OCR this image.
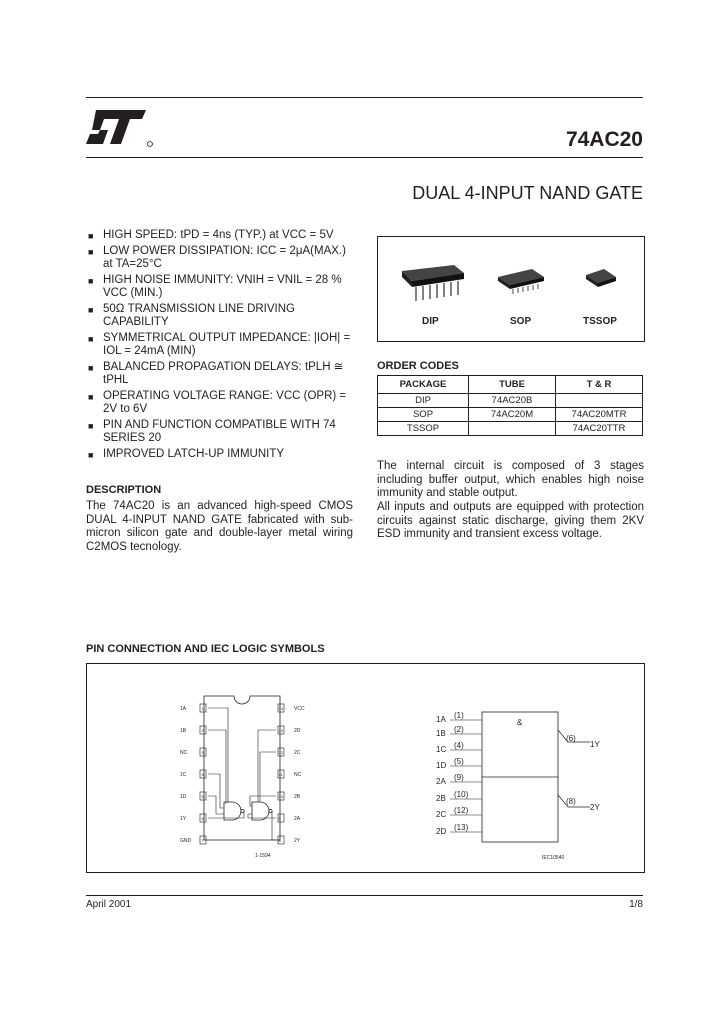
74AC20
DUAL 4-INPUT NAND GATE
■ HIGH SPEED: tPD = 4ns (TYP.) at VCC = 5V
■ LOW POWER DISSIPATION: ICC = 2μA(MAX.) at TA=25°C
■ HIGH NOISE IMMUNITY: VNIH = VNIL = 28 % VCC (MIN.)
■ 50Ω TRANSMISSION LINE DRIVING CAPABILITY
■ SYMMETRICAL OUTPUT IMPEDANCE: |IOH| = IOL = 24mA (MIN)
■ BALANCED PROPAGATION DELAYS: tPLH ≅ tPHL
■ OPERATING VOLTAGE RANGE: VCC (OPR) = 2V to 6V
■ PIN AND FUNCTION COMPATIBLE WITH 74 SERIES 20
■ IMPROVED LATCH-UP IMMUNITY
DESCRIPTION
The 74AC20 is an advanced high-speed CMOS DUAL 4-INPUT NAND GATE fabricated with sub-micron silicon gate and double-layer metal wiring C2MOS tecnology.
DIP	SOP	TSSOP
ORDER CODES
PACKAGE	TUBE	T & R
DIP	74AC20B	
SOP	74AC20M	74AC20MTR
TSSOP		74AC20TTR
The internal circuit is composed of 3 stages including buffer output, which enables high noise immunity and stable output.
All inputs and outputs are equipped with protection circuits against static discharge, giving them 2KV ESD immunity and transient excess voltage.
PIN CONNECTION AND IEC LOGIC SYMBOLS
1
1A
2
1B
3
NC
4
1C
5
1D
6
1Y
7
GND
14 VCC
13 2D
12 2C
11 NC
10 2B
9	2A
8	2Y
1-1594
&
1A (1)
1B (2)
1C (4)
1D (5)
2A (9)
2B (10)
2C (12)
2D (13)
(6)
1Y
(8)
2Y
IEC10540
April 2001	1/8
